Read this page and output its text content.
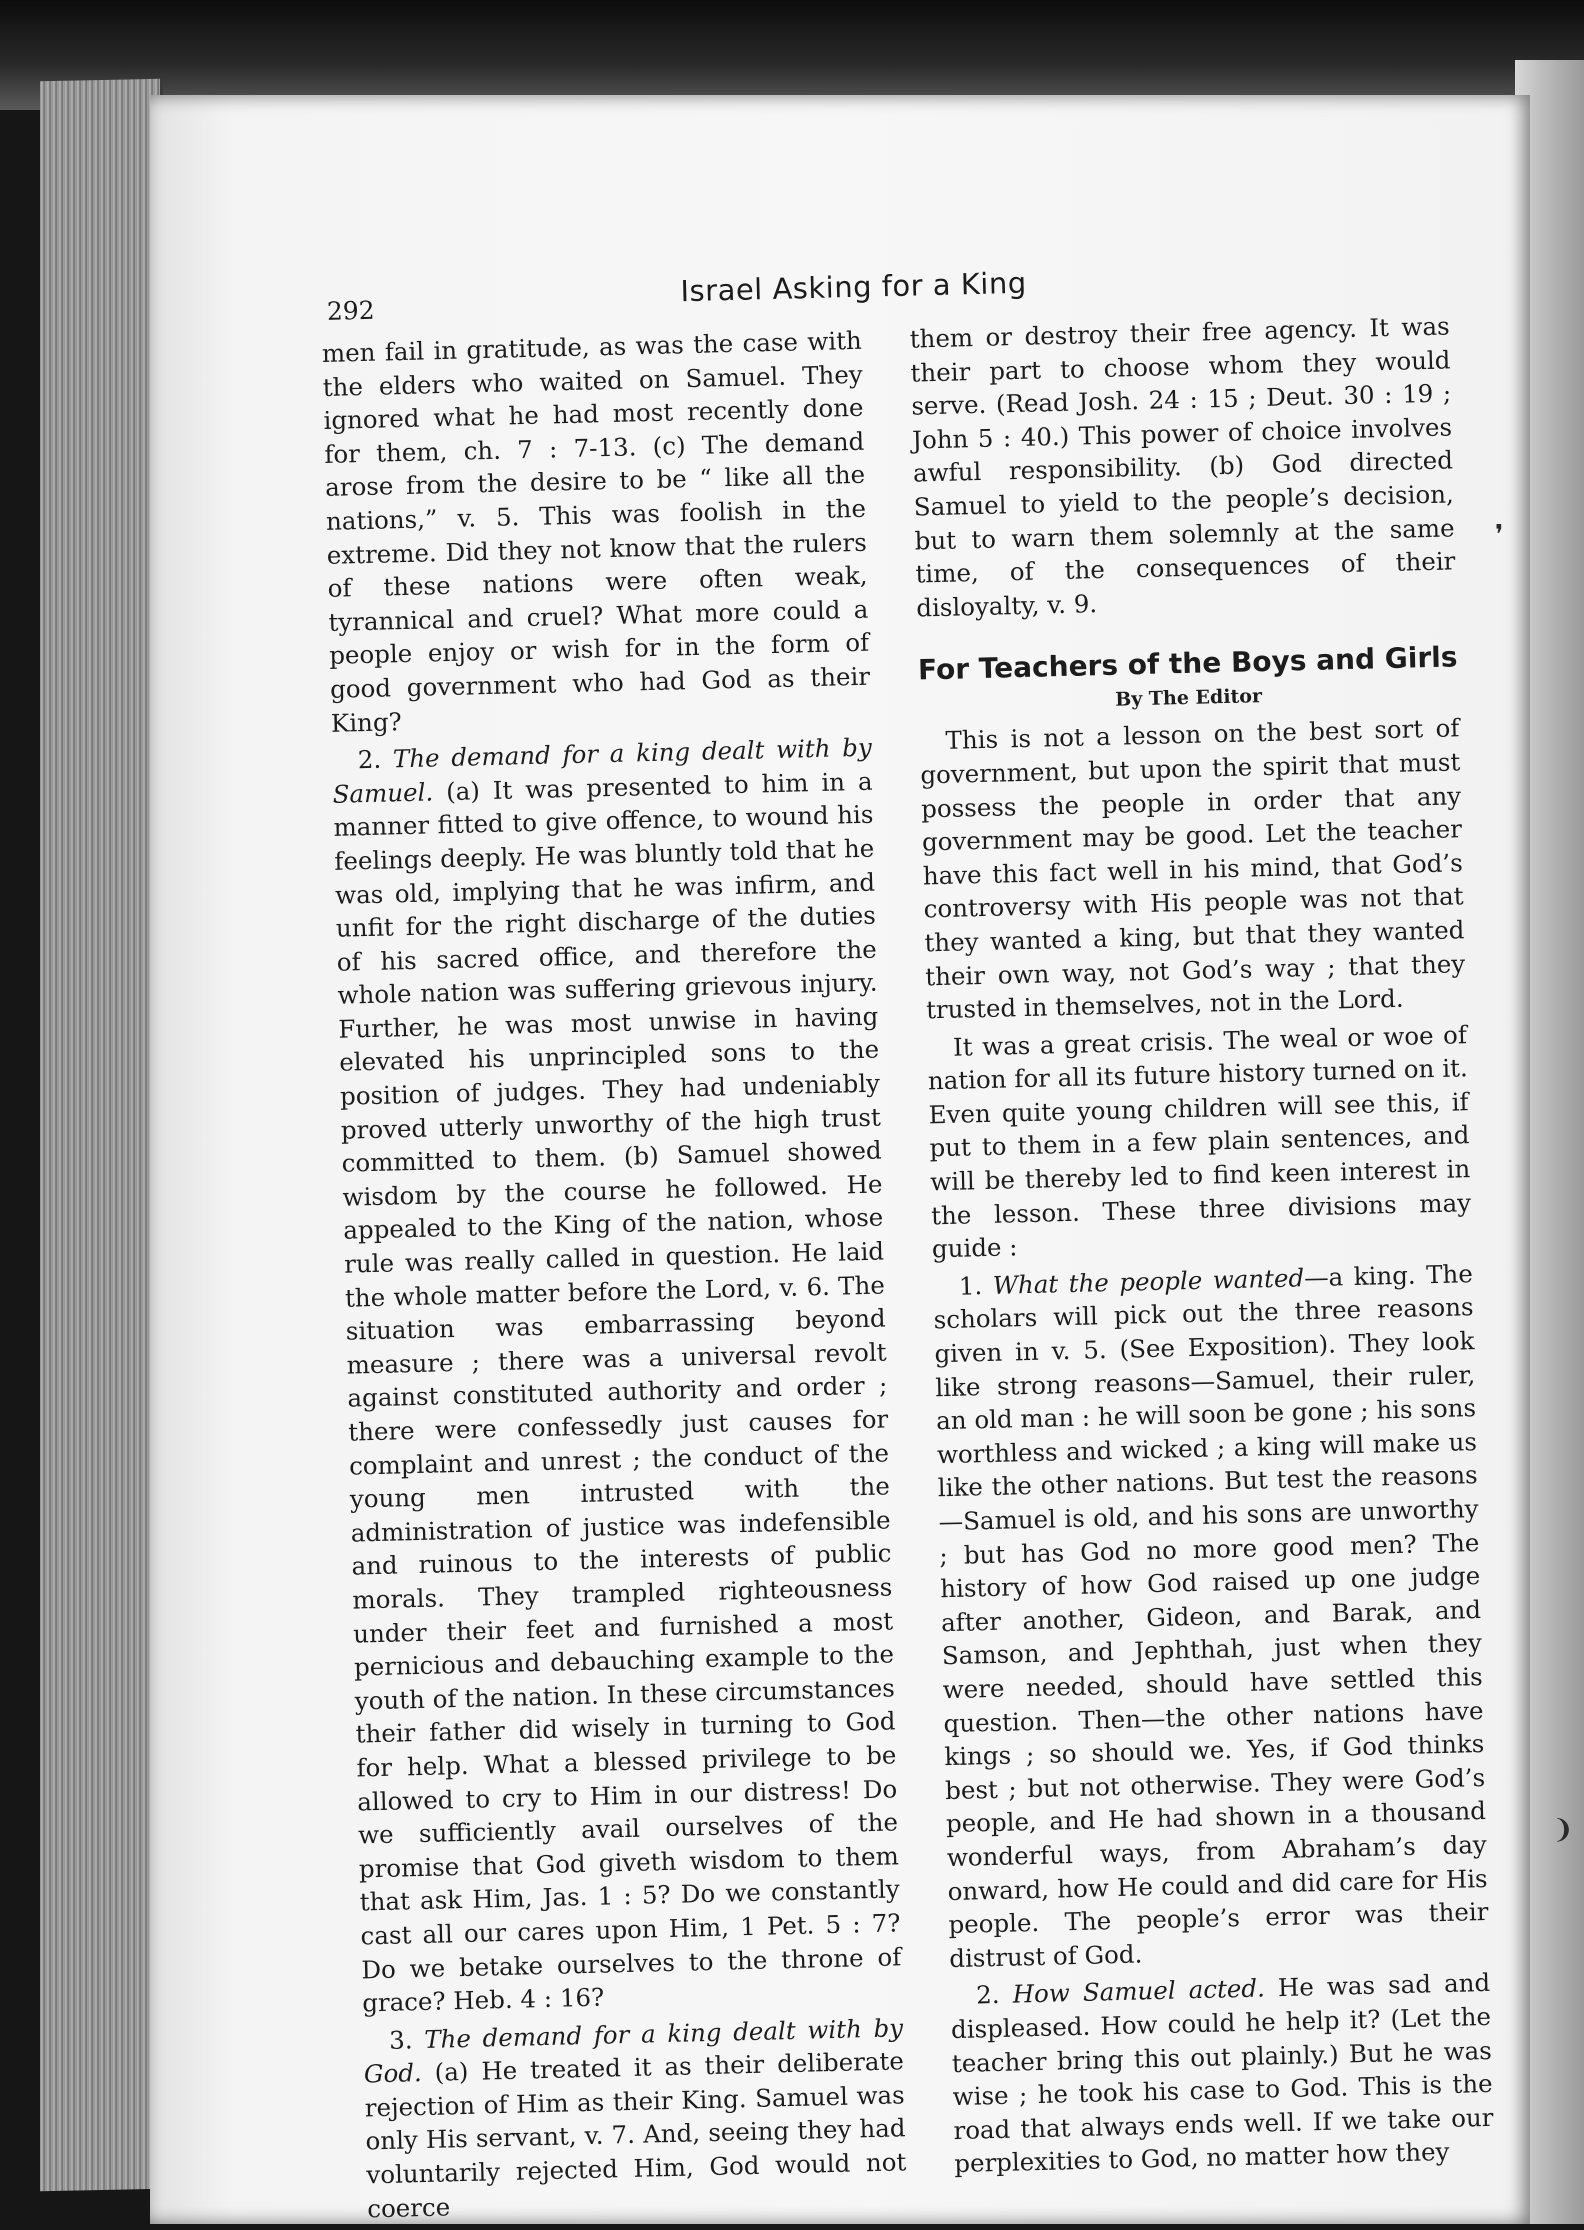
❜
❩
292
Israel Asking for a King

men fail in gratitude, as was the case with the elders who waited on Samuel. They ignored what he had most recently done for them, ch. 7 : 7-13. (c) The demand arose from the desire to be “ like all the nations,” v. 5. This was foolish in the extreme. Did they not know that the rulers of these nations were often weak, tyrannical and cruel? What more could a people enjoy or wish for in the form of good government who had God as their King?

2. The demand for a king dealt with by Samuel. (a) It was presented to him in a manner fitted to give offence, to wound his feelings deeply. He was bluntly told that he was old, implying that he was infirm, and unfit for the right discharge of the duties of his sacred office, and therefore the whole nation was suffering grievous injury. Further, he was most unwise in having elevated his unprincipled sons to the position of judges. They had undeniably proved utterly unworthy of the high trust committed to them. (b) Samuel showed wisdom by the course he followed. He appealed to the King of the nation, whose rule was really called in question. He laid the whole matter before the Lord, v. 6. The situation was embarrassing beyond measure ; there was a universal revolt against constituted authority and order ; there were confessedly just causes for complaint and unrest ; the conduct of the young men intrusted with the administration of justice was indefensible and ruinous to the interests of public morals. They trampled righteousness under their feet and furnished a most pernicious and debauching example to the youth of the nation. In these circumstances their father did wisely in turning to God for help. What a blessed privilege to be allowed to cry to Him in our distress! Do we sufficiently avail ourselves of the promise that God giveth wisdom to them that ask Him, Jas. 1 : 5? Do we constantly cast all our cares upon Him, 1 Pet. 5 : 7? Do we betake ourselves to the throne of grace? Heb. 4 : 16?

3. The demand for a king dealt with by God. (a) He treated it as their deliberate rejection of Him as their King. Samuel was only His servant, v. 7. And, seeing they had voluntarily rejected Him, God would not coerce

them or destroy their free agency. It was their part to choose whom they would serve. (Read Josh. 24 : 15 ; Deut. 30 : 19 ; John 5 : 40.) This power of choice involves awful responsibility. (b) God directed Samuel to yield to the people’s decision, but to warn them solemnly at the same time, of the consequences of their disloyalty, v. 9.

For Teachers of the Boys and Girls
By The Editor

This is not a lesson on the best sort of government, but upon the spirit that must possess the people in order that any government may be good. Let the teacher have this fact well in his mind, that God’s controversy with His people was not that they wanted a king, but that they wanted their own way, not God’s way ; that they trusted in themselves, not in the Lord.

It was a great crisis. The weal or woe of nation for all its future history turned on it. Even quite young children will see this, if put to them in a few plain sentences, and will be thereby led to find keen interest in the lesson. These three divisions may guide :

1. What the people wanted—a king. The scholars will pick out the three reasons given in v. 5. (See Exposition). They look like strong reasons—Samuel, their ruler, an old man : he will soon be gone ; his sons worthless and wicked ; a king will make us like the other nations. But test the reasons—Samuel is old, and his sons are unworthy ; but has God no more good men? The history of how God raised up one judge after another, Gideon, and Barak, and Samson, and Jephthah, just when they were needed, should have settled this question. Then—the other nations have kings ; so should we. Yes, if God thinks best ; but not otherwise. They were God’s people, and He had shown in a thousand wonderful ways, from Abraham’s day onward, how He could and did care for His people. The people’s error was their distrust of God.

2. How Samuel acted. He was sad and displeased. How could he help it? (Let the teacher bring this out plainly.) But he was wise ; he took his case to God. This is the road that always ends well. If we take our perplexities to God, no matter how they
